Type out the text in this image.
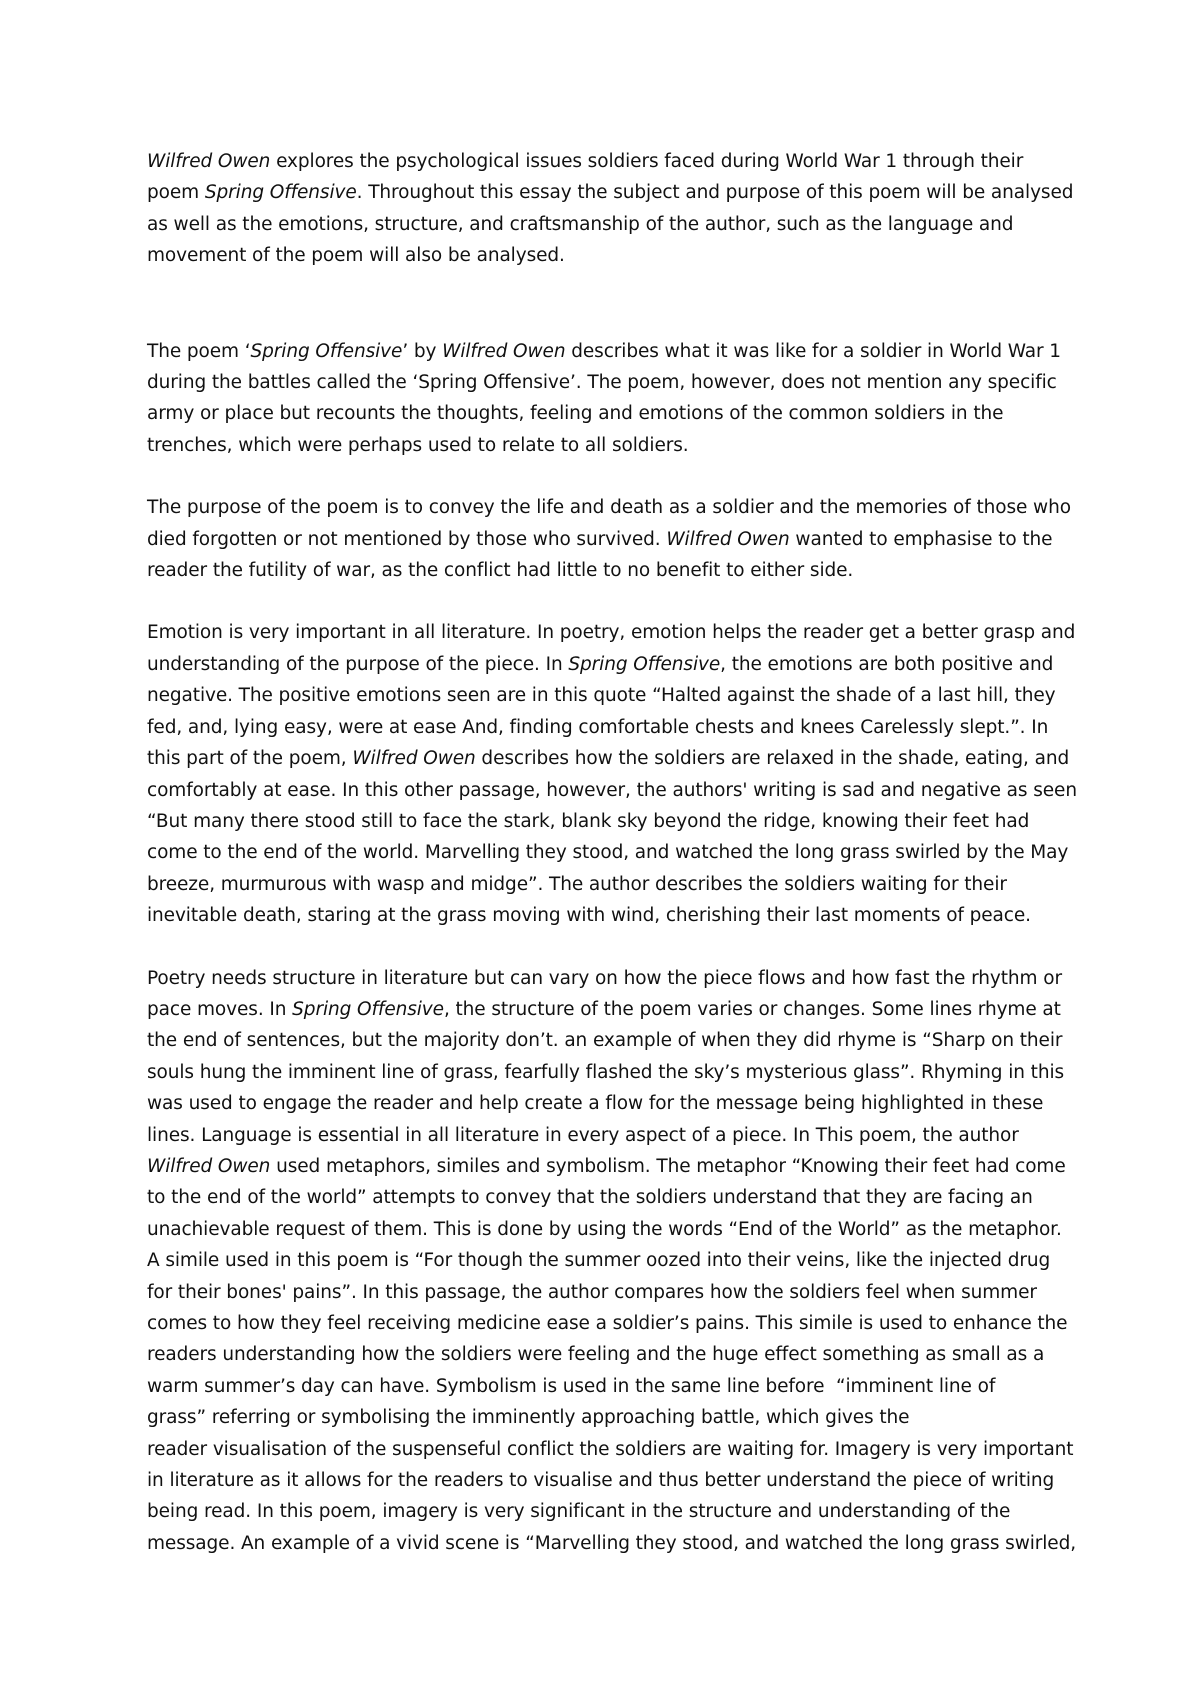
Wilfred Owen explores the psychological issues soldiers faced during World War 1 through their
poem Spring Offensive. Throughout this essay the subject and purpose of this poem will be analysed
as well as the emotions, structure, and craftsmanship of the author, such as the language and
movement of the poem will also be analysed.
The poem ‘Spring Offensive’ by Wilfred Owen describes what it was like for a soldier in World War 1
during the battles called the ‘Spring Offensive’. The poem, however, does not mention any specific
army or place but recounts the thoughts, feeling and emotions of the common soldiers in the
trenches, which were perhaps used to relate to all soldiers.
The purpose of the poem is to convey the life and death as a soldier and the memories of those who
died forgotten or not mentioned by those who survived. Wilfred Owen wanted to emphasise to the
reader the futility of war, as the conflict had little to no benefit to either side.
Emotion is very important in all literature. In poetry, emotion helps the reader get a better grasp and
understanding of the purpose of the piece. In Spring Offensive, the emotions are both positive and
negative. The positive emotions seen are in this quote “Halted against the shade of a last hill, they
fed, and, lying easy, were at ease And, finding comfortable chests and knees Carelessly slept.”. In
this part of the poem, Wilfred Owen describes how the soldiers are relaxed in the shade, eating, and
comfortably at ease. In this other passage, however, the authors' writing is sad and negative as seen
“But many there stood still to face the stark, blank sky beyond the ridge, knowing their feet had
come to the end of the world. Marvelling they stood, and watched the long grass swirled by the May
breeze, murmurous with wasp and midge”. The author describes the soldiers waiting for their
inevitable death, staring at the grass moving with wind, cherishing their last moments of peace.
Poetry needs structure in literature but can vary on how the piece flows and how fast the rhythm or
pace moves. In Spring Offensive, the structure of the poem varies or changes. Some lines rhyme at
the end of sentences, but the majority don’t. an example of when they did rhyme is “Sharp on their
souls hung the imminent line of grass, fearfully flashed the sky’s mysterious glass”. Rhyming in this
was used to engage the reader and help create a flow for the message being highlighted in these
lines. Language is essential in all literature in every aspect of a piece. In This poem, the author
Wilfred Owen used metaphors, similes and symbolism. The metaphor “Knowing their feet had come
to the end of the world” attempts to convey that the soldiers understand that they are facing an
unachievable request of them. This is done by using the words “End of the World” as the metaphor.
A simile used in this poem is “For though the summer oozed into their veins, like the injected drug
for their bones' pains”. In this passage, the author compares how the soldiers feel when summer
comes to how they feel receiving medicine ease a soldier’s pains. This simile is used to enhance the
readers understanding how the soldiers were feeling and the huge effect something as small as a
warm summer’s day can have. Symbolism is used in the same line before  “imminent line of
grass” referring or symbolising the imminently approaching battle, which gives the
reader visualisation of the suspenseful conflict the soldiers are waiting for. Imagery is very important
in literature as it allows for the readers to visualise and thus better understand the piece of writing
being read. In this poem, imagery is very significant in the structure and understanding of the
message. An example of a vivid scene is “Marvelling they stood, and watched the long grass swirled,
